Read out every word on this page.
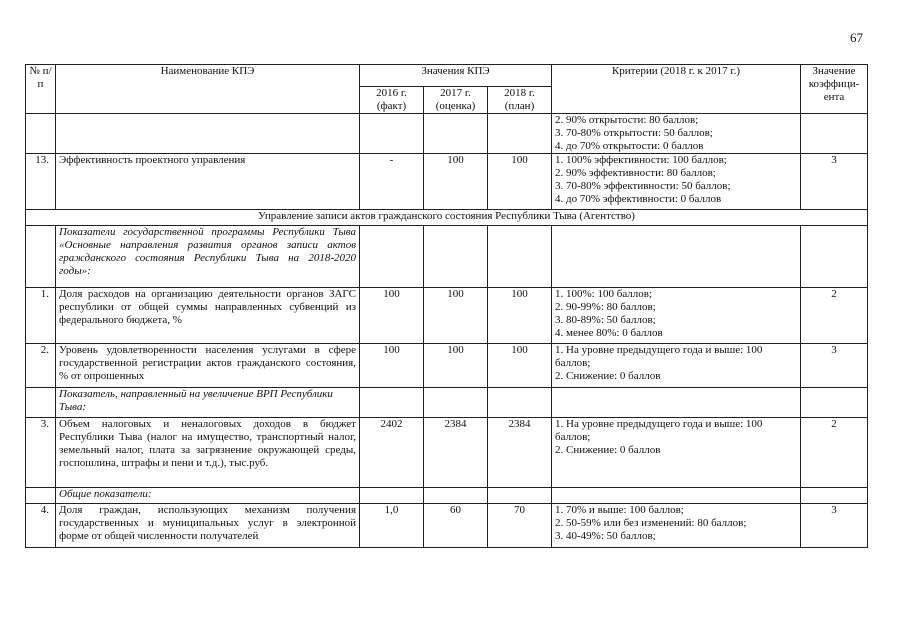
67
№ п/п	Наименование КПЭ	Значения КПЭ			Критерии (2018 г. к 2017 г.)	Значение коэффици-ента
		2016 г. (факт)	2017 г. (оценка)	2018 г. (план)		

					2. 90% открытости: 80 баллов;
3. 70-80% открытости: 50 баллов;
4. до 70% открытости: 0 баллов	

13.	Эффективность проектного управления	-	100	100	1. 100% эффективности: 100 баллов;
2. 90% эффективности: 80 баллов;
3. 70-80% эффективности: 50 баллов;
4. до 70% эффективности: 0 баллов	3
Управление записи актов гражданского состояния Республики Тыва (Агентство)						
	Показатели государственной программы Республики Тыва «Основные направления развития органов записи актов гражданского состояния Республики Тыва на 2018-2020 годы»:					
1.	Доля расходов на организацию деятельности органов ЗАГС республики от общей суммы направленных субвенций из федерального бюджета, %	100	100	100	1. 100%: 100 баллов;
2. 90-99%: 80 баллов;
3. 80-89%: 50 баллов;
4. менее 80%: 0 баллов	2
2.	Уровень удовлетворенности населения услугами в сфере государственной регистрации актов гражданского состояния, % от опрошенных	100	100	100	1. На уровне предыдущего года и выше: 100 баллов;
2. Снижение: 0 баллов	3
	Показатель, направленный на увеличение ВРП Республики Тыва:					
3.	Объем налоговых и неналоговых доходов в бюджет Республики Тыва (налог на имущество, транспортный налог, земельный налог, плата за загрязнение окружающей среды, госпошлина, штрафы и пени и т.д.), тыс.руб.	2402	2384	2384	1. На уровне предыдущего года и выше: 100 баллов;
2. Снижение: 0 баллов	2
	Общие показатели:					
4.	Доля граждан, использующих механизм получения государственных и муниципальных услуг в электронной форме от общей численности получателей	1,0	60	70	1. 70% и выше: 100 баллов;
2. 50-59% или без изменений: 80 баллов;
3. 40-49%: 50 баллов;	3
